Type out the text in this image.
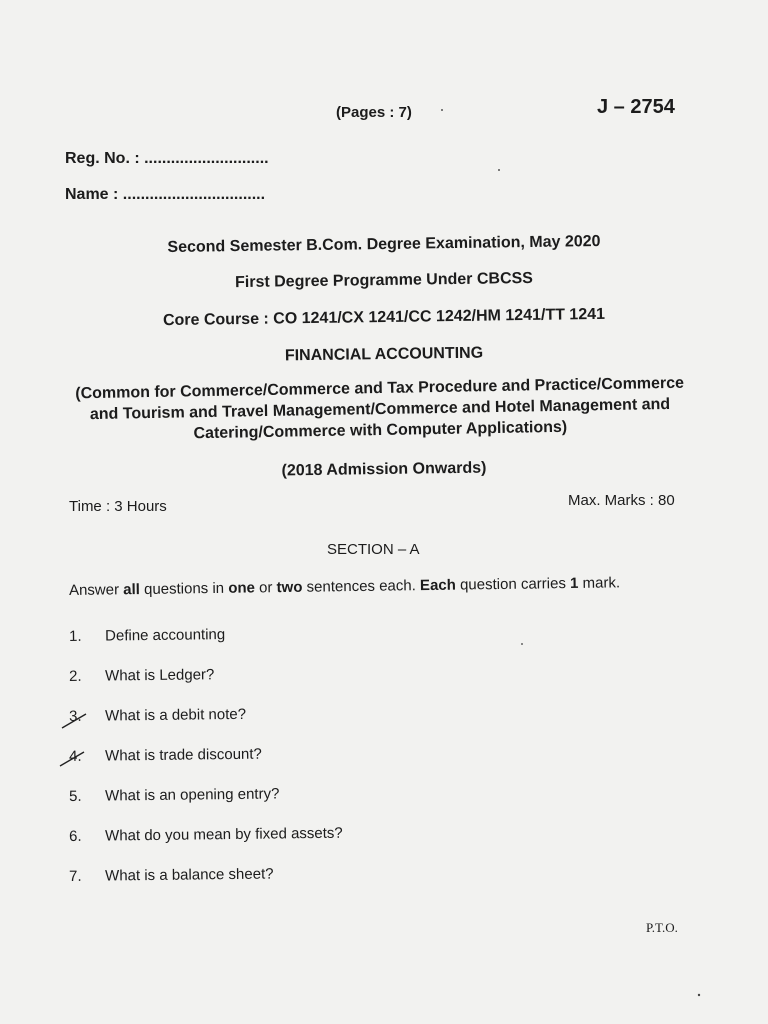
(Pages : 7)	J – 2754
Reg. No. : ............................
Name : ................................
Second Semester B.Com. Degree Examination, May 2020
First Degree Programme Under CBCSS
Core Course : CO 1241/CX 1241/CC 1242/HM 1241/TT 1241
FINANCIAL ACCOUNTING
(Common for Commerce/Commerce and Tax Procedure and Practice/Commerce and Tourism and Travel Management/Commerce and Hotel Management and Catering/Commerce with Computer Applications)
(2018 Admission Onwards)
Time : 3 Hours	Max. Marks : 80
SECTION – A
Answer all questions in one or two sentences each. Each question carries 1 mark.
1.	Define accounting
2.	What is Ledger?
3.	What is a debit note?
4.	What is trade discount?
5.	What is an opening entry?
6.	What do you mean by fixed assets?
7.	What is a balance sheet?
P.T.O.
